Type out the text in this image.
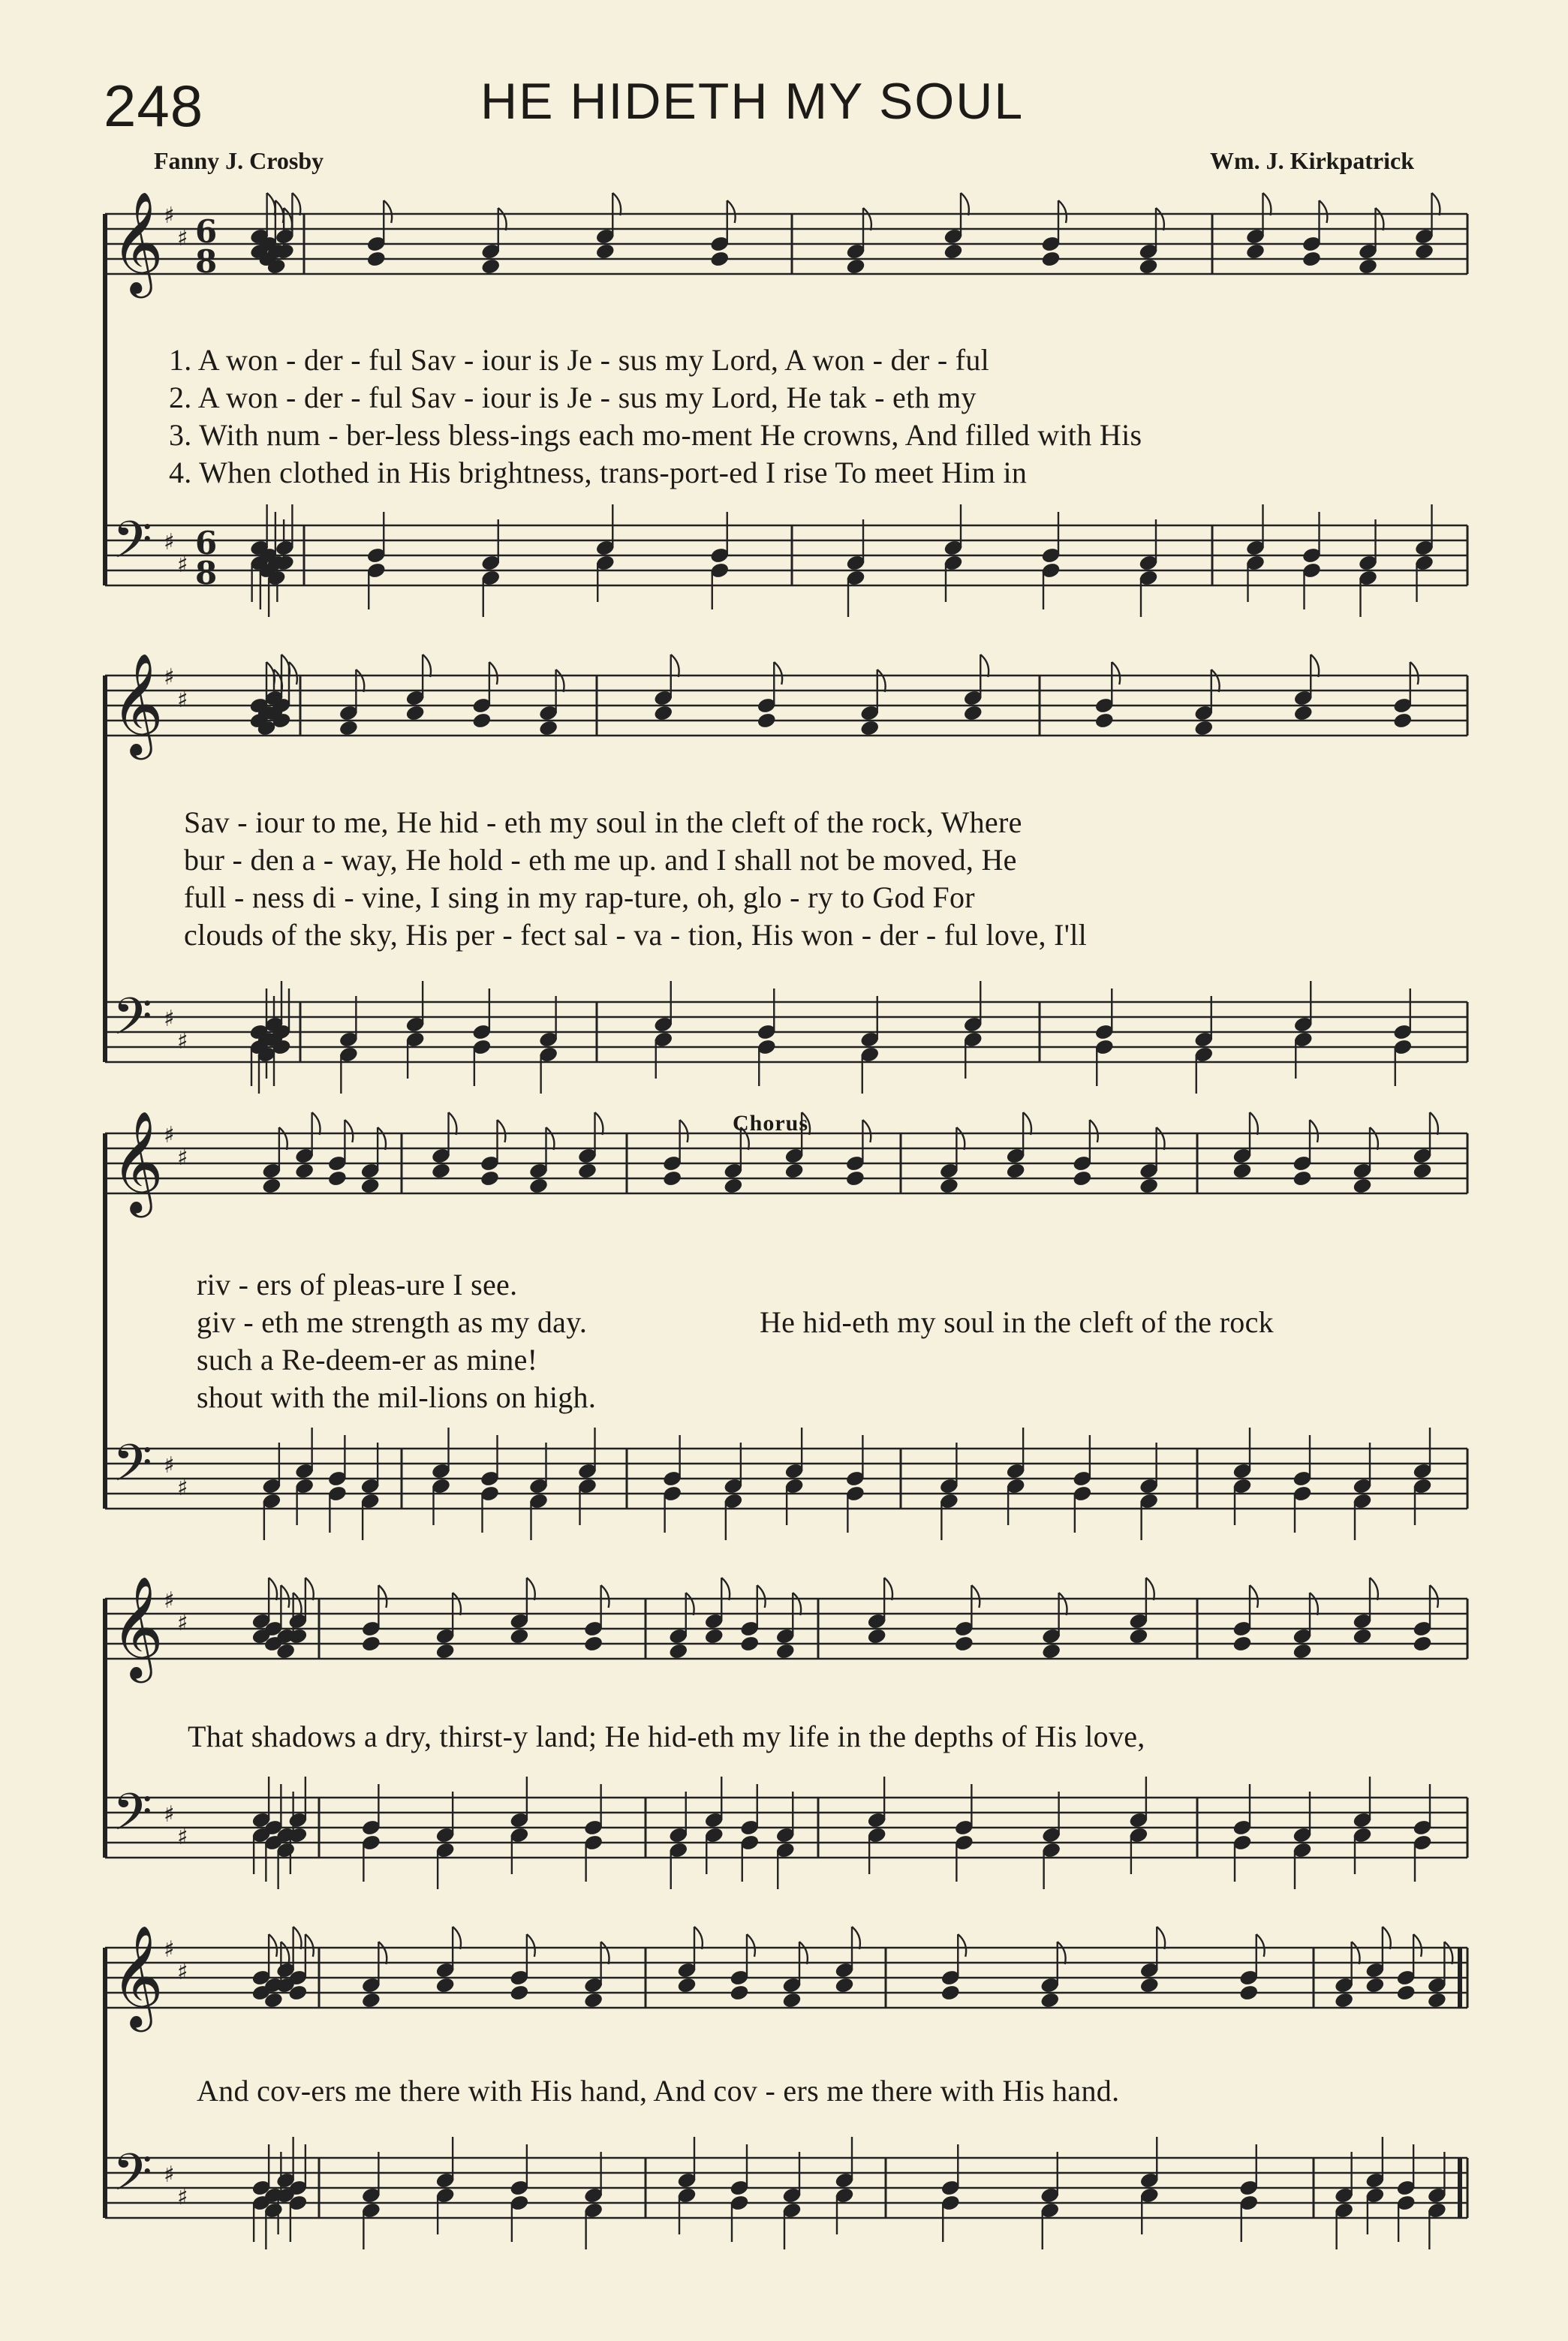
248	HE HIDETH MY SOUL
Fanny J. Crosby	Wm. J. Kirkpatrick
𝄞
𝄢
𝄞
𝄢
𝄞
𝄢
𝄞
𝄢
𝄞
𝄢
♯
♯
♯
♯
♯
♯
♯
♯
♯
♯
♯
♯
♯
♯
♯
♯
♯
♯
♯
♯
6
8
6
8
1. A won - der - ful Sav - iour is Je - sus my Lord, A won - der - ful
2. A won - der - ful Sav - iour is Je - sus my Lord, He tak - eth my
3. With num - ber-less bless-ings each mo-ment He crowns, And filled with His
4. When clothed in His brightness, trans-port-ed I rise To meet Him in
Sav - iour to me, He hid - eth my soul in the cleft of the rock, Where
bur - den a - way, He hold - eth me up. and I shall not be moved, He
full - ness di - vine, I sing in my rap-ture, oh, glo - ry to God For
clouds of the sky, His per - fect sal - va - tion, His won - der - ful love, I'll
Chorus
riv - ers of pleas-ure I see.
giv - eth me strength as my day.
such a Re-deem-er as mine!
shout with the mil-lions on high.
He hid-eth my soul in the cleft of the rock
That shadows a dry, thirst-y land; He hid-eth my life in the depths of His love,
And cov-ers me there with His hand, And cov - ers me there with His hand.
